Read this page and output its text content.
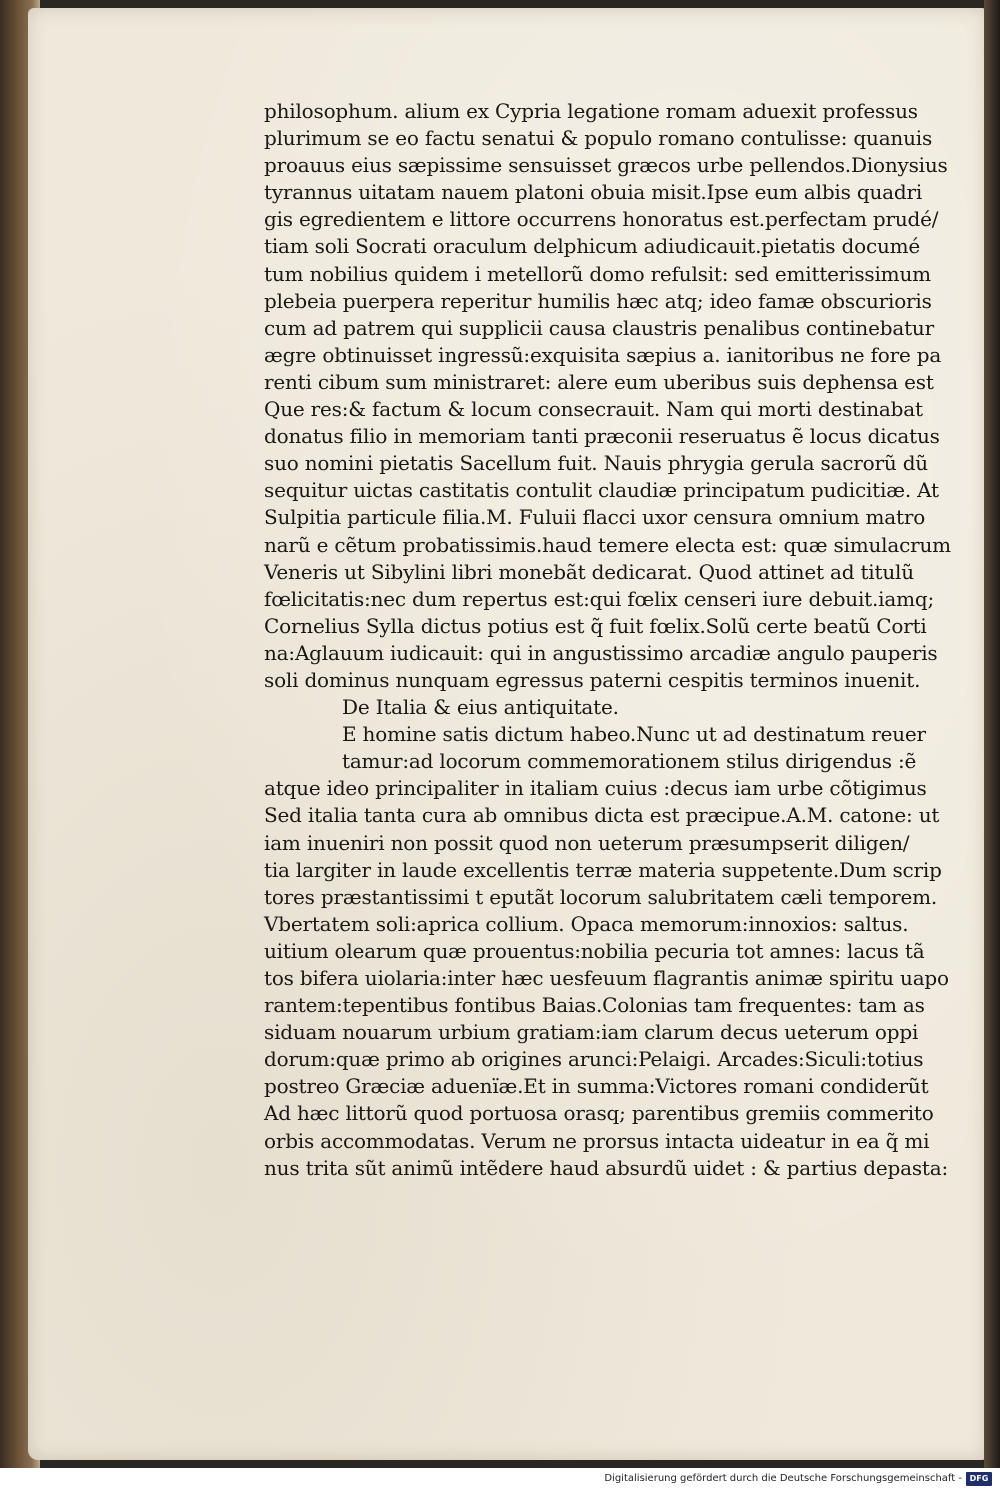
philosophum. alium ex Cypria legatione romam aduexit professus
plurimum se eo factu senatui & populo romano contulisse: quanuis
proauus eius sæpissime sensuisset græcos urbe pellendos.Dionysius
tyrannus uitatam nauem platoni obuia misit.Ipse eum albis quadri
gis egredientem e littore occurrens honoratus est.perfectam prudé/
tiam soli Socrati oraculum delphicum adiudicauit.pietatis documé
tum nobilius quidem i metellorũ domo refulsit: sed emitterissimum
plebeia puerpera reperitur humilis hæc atq; ideo famæ obscurioris
cum ad patrem qui supplicii causa claustris penalibus continebatur
ægre obtinuisset ingressũ:exquisita sæpius a. ianitoribus ne fore pa
renti cibum sum ministraret: alere eum uberibus suis dephensa est
Que res:& factum & locum consecrauit. Nam qui morti destinabat
donatus filio in memoriam tanti præconii reseruatus ẽ locus dicatus
suo nomini pietatis Sacellum fuit. Nauis phrygia gerula sacrorũ dũ
sequitur uictas castitatis contulit claudiæ principatum pudicitiæ. At
Sulpitia particule filia.M. Fuluii flacci uxor censura omnium matro
narũ e cẽtum probatissimis.haud temere electa est: quæ simulacrum
Veneris ut Sibylini libri monebãt dedicarat. Quod attinet ad titulũ
fœlicitatis:nec dum repertus est:qui fœlix censeri iure debuit.iamq;
Cornelius Sylla dictus potius est q̃ fuit fœlix.Solũ certe beatũ Corti
na:Aglauum iudicauit: qui in angustissimo arcadiæ angulo pauperis
soli dominus nunquam egressus paterni cespitis terminos inuenit.
De Italia & eius antiquitate.
E homine satis dictum habeo.Nunc ut ad destinatum reuer
tamur:ad locorum commemorationem stilus dirigendus :ẽ
atque ideo principaliter in italiam cuius :decus iam urbe cõtigimus
Sed italia tanta cura ab omnibus dicta est præcipue.A.M. catone: ut
iam inueniri non possit quod non ueterum præsumpserit diligen/
tia largiter in laude excellentis terræ materia suppetente.Dum scrip
tores præstantissimi t eputãt locorum salubritatem cæli temporem.
Vbertatem soli:aprica collium. Opaca memorum:innoxios: saltus.
uitium olearum quæ prouentus:nobilia pecuria tot amnes: lacus tã
tos bifera uiolaria:inter hæc uesfeuum flagrantis animæ spiritu uapo
rantem:tepentibus fontibus Baias.Colonias tam frequentes: tam as
siduam nouarum urbium gratiam:iam clarum decus ueterum oppi
dorum:quæ primo ab origines arunci:Pelaigi. Arcades:Siculi:totius
postreo Græciæ aduenïæ.Et in summa:Victores romani condiderũt
Ad hæc littorũ quod portuosa orasq; parentibus gremiis commerito
orbis accommodatas. Verum ne prorsus intacta uideatur in ea q̃ mi
nus trita sũt animũ intẽdere haud absurdũ uidet : & partius depasta:
Digitalisierung gefördert durch die Deutsche Forschungsgemeinschaft - DFG
